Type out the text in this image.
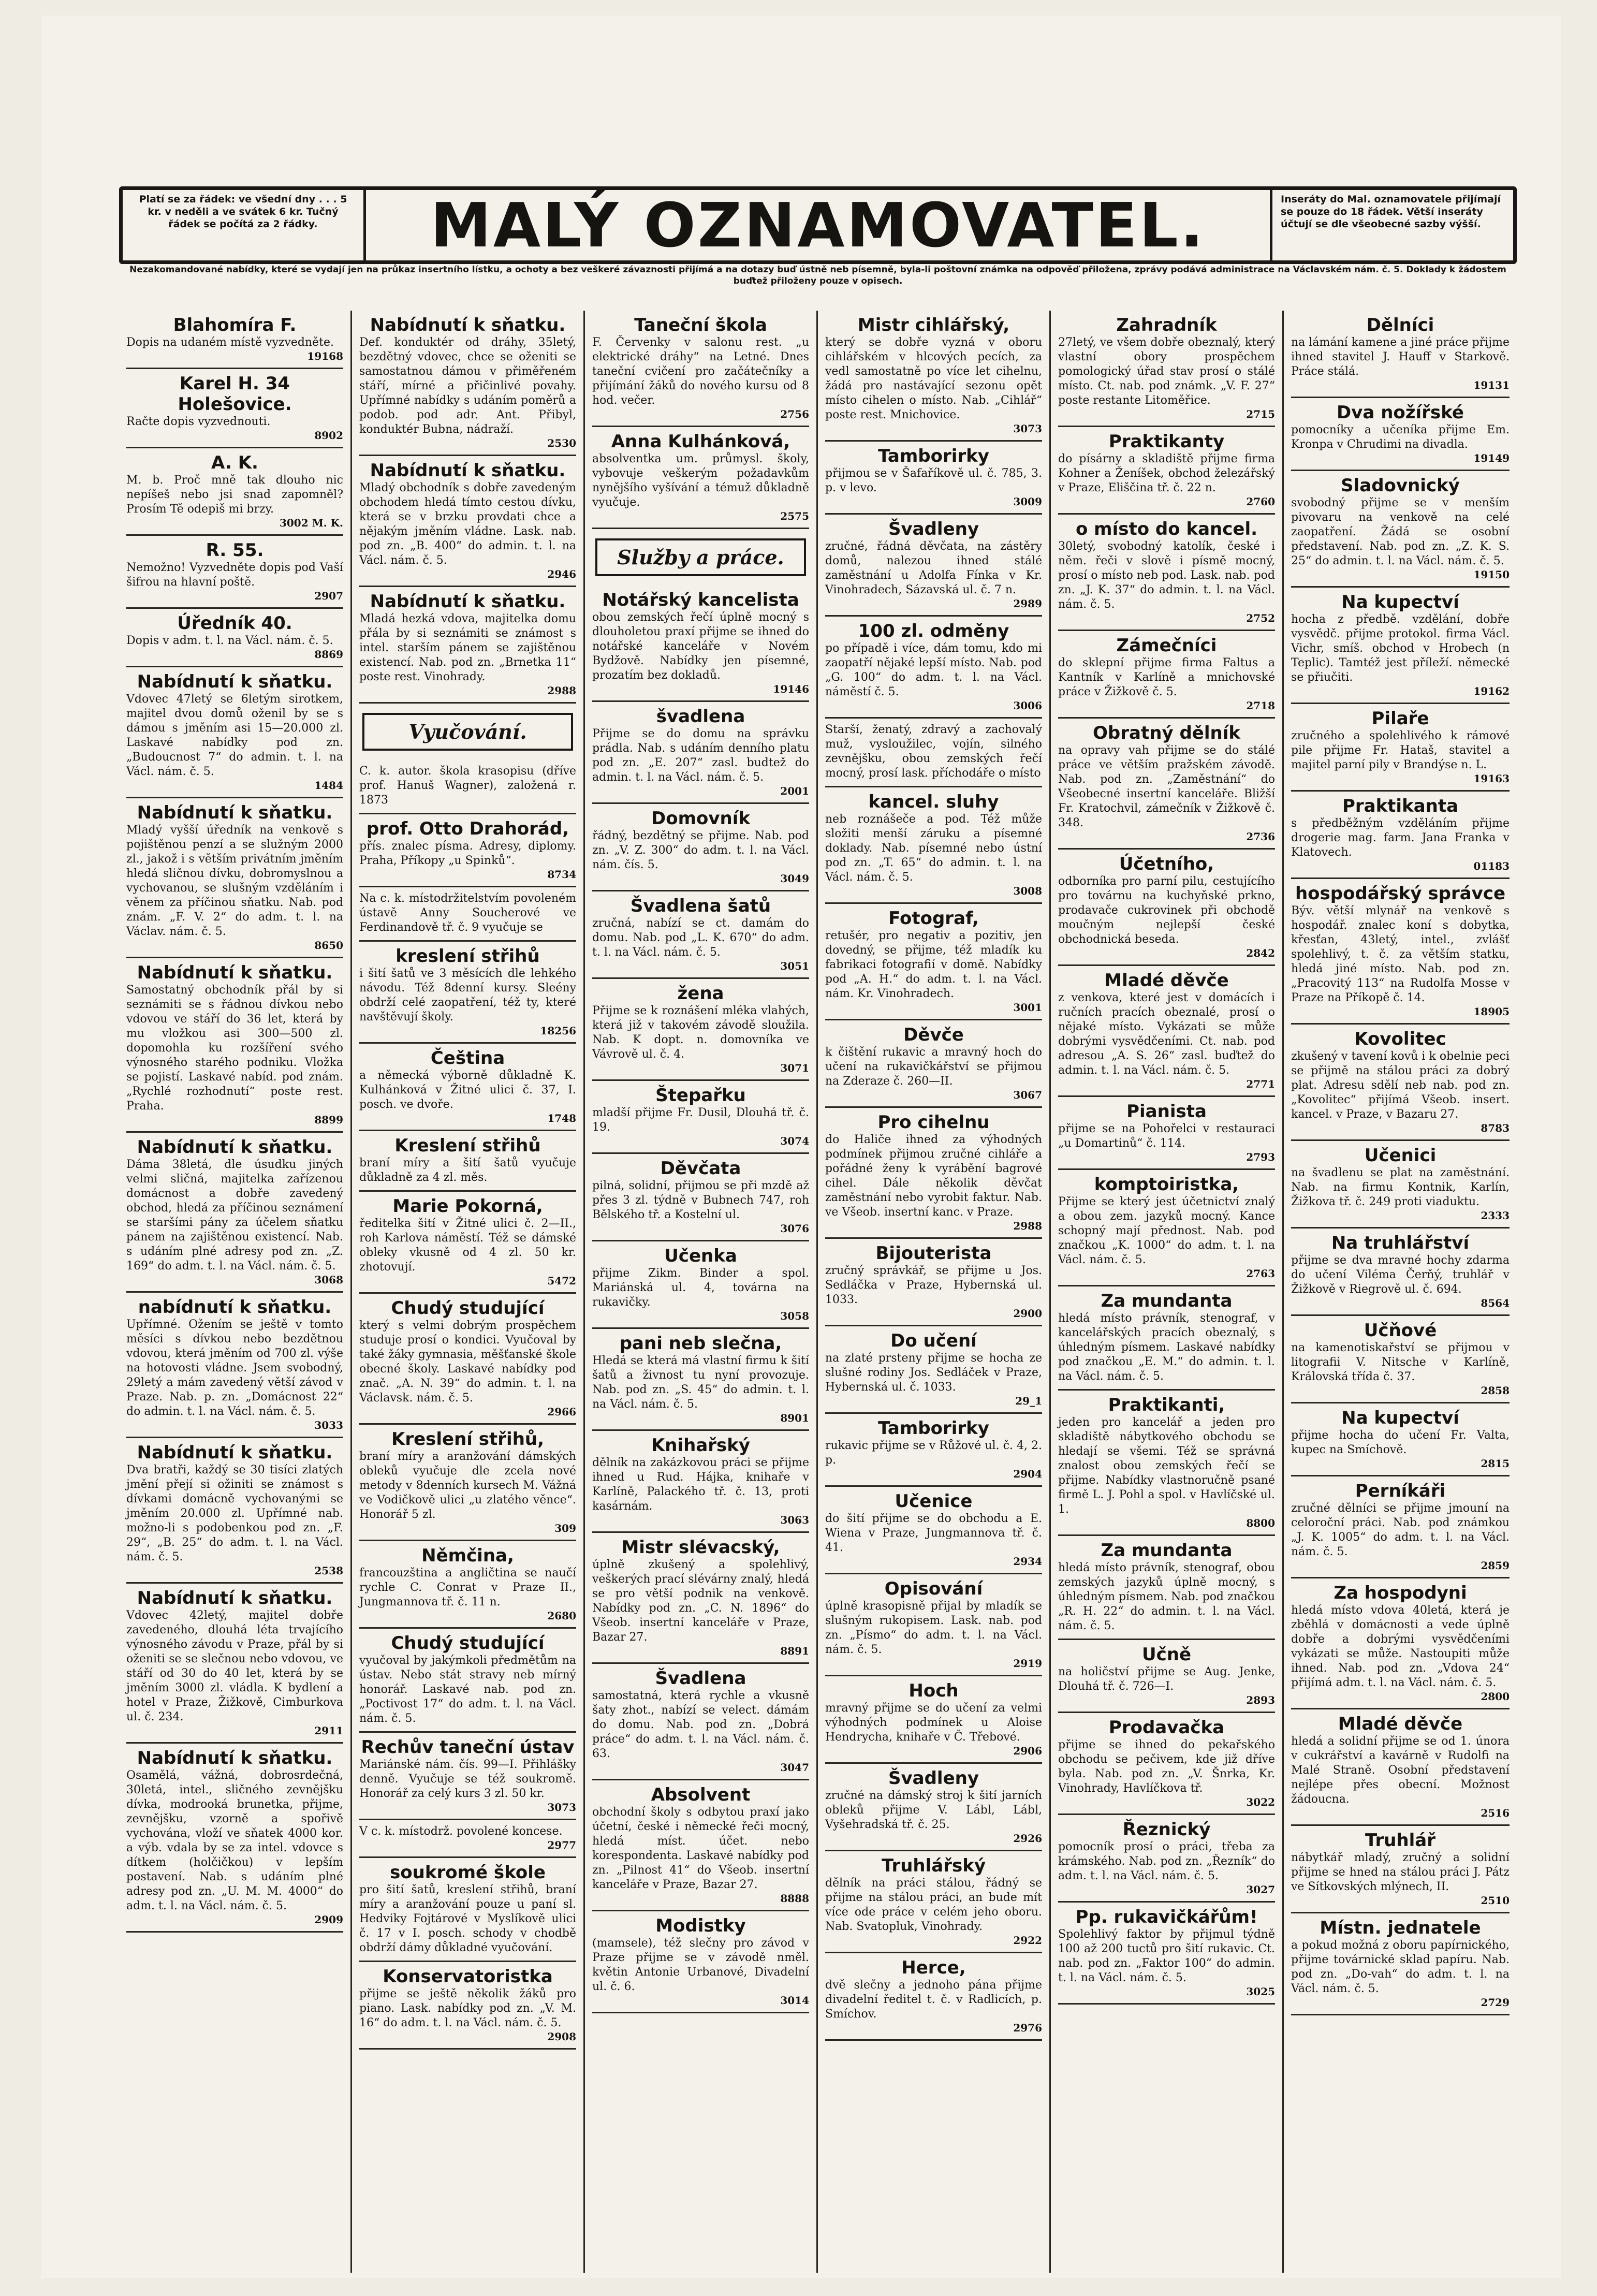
Platí se za řádek: ve všední dny . . . 5 kr. v neděli a ve svátek 6 kr. Tučný řádek se počítá za 2 řádky.	MALÝ OZNAMOVATEL.	Inseráty do Mal. oznamovatele přijímají se pouze do 18 řádek. Větší inseráty účtují se dle všeobecné sazby výšší.
Nezakomandované nabídky, které se vydají jen na průkaz insertního lístku, a ochoty a bez veškeré závaznosti přijímá a na dotazy buď ústně neb písemně, byla-li poštovní známka na odpověď přiložena, zprávy podává administrace na Václavském nám. č. 5. Doklady k žádostem buďtež přiloženy pouze v opisech.
Blahomíra F.
Dopis na udaném místě vyzvedněte.
19168
Karel H. 34 Holešovice.
Račte dopis vyzvednouti.
8902
A. K.
M. b. Proč mně tak dlouho nic nepíšeš nebo jsi snad zapomněl? Prosím Tě odepiš mi brzy.
3002 M. K.
R. 55.
Nemožno! Vyzvedněte dopis pod Vaší šifrou na hlavní poště.
2907
Úředník 40.
Dopis v adm. t. l. na Václ. nám. č. 5.
8869
Nabídnutí k sňatku.
Vdovec 47letý se 6letým sirotkem, majitel dvou domů oženil by se s dámou s jměním asi 15—20.000 zl. Laskavé nabídky pod zn. „Budoucnost 7“ do admin. t. l. na Václ. nám. č. 5.
1484
Nabídnutí k sňatku.
Mladý vyšší úředník na venkově s pojištěnou penzí a se služným 2000 zl., jakož i s větším privátním jměním hledá sličnou dívku, dobromyslnou a vychovanou, se slušným vzděláním i věnem za příčinou sňatku. Nab. pod znám. „F. V. 2“ do adm. t. l. na Václav. nám. č. 5.
8650
Nabídnutí k sňatku.
Samostatný obchodník přál by si seznámiti se s řádnou dívkou nebo vdovou ve stáří do 36 let, která by mu vložkou asi 300—500 zl. dopomohla ku rozšíření svého výnosného starého podniku. Vložka se pojistí. Laskavé nabíd. pod znám. „Rychlé rozhodnutí“ poste rest. Praha.
8899
Nabídnutí k sňatku.
Dáma 38letá, dle úsudku jiných velmi sličná, majitelka zařízenou domácnost a dobře zavedený obchod, hledá za příčinou seznámení se staršími pány za účelem sňatku pánem na zajištěnou existencí. Nab. s udáním plné adresy pod zn. „Z. 169“ do adm. t. l. na Václ. nám. č. 5.
3068
nabídnutí k sňatku.
Upřímné. Ožením se ještě v tomto měsíci s dívkou nebo bezdětnou vdovou, která jměním od 700 zl. výše na hotovosti vládne. Jsem svobodný, 29letý a mám zavedený větší závod v Praze. Nab. p. zn. „Domácnost 22“ do admin. t. l. na Václ. nám. č. 5.
3033
Nabídnutí k sňatku.
Dva bratři, každý se 30 tisíci zlatých jmění přejí si ožiniti se známost s dívkami domácně vychovanými se jměním 20.000 zl. Upřímné nab. možno-li s podobenkou pod zn. „F. 29“, „B. 25“ do adm. t. l. na Václ. nám. č. 5.
2538
Nabídnutí k sňatku.
Vdovec 42letý, majitel dobře zavedeného, dlouhá léta trvajícího výnosného závodu v Praze, přál by si oženiti se se slečnou nebo vdovou, ve stáří od 30 do 40 let, která by se jměním 3000 zl. vládla. K bydlení a hotel v Praze, Žižkově, Cimburkova ul. č. 234.
2911
Nabídnutí k sňatku.
Osamělá, vážná, dobrosrdečná, 30letá, intel., sličného zevnějšku dívka, modrooká brunetka, přijme, zevnějšku, vzorně a spořivě vychována, vloží ve sňatek 4000 kor. a výb. vdala by se za intel. vdovce s dítkem (holčičkou) v lepším postavení. Nab. s udáním plné adresy pod zn. „U. M. M. 4000“ do adm. t. l. na Václ. nám. č. 5.
2909
Nabídnutí k sňatku.
Def. konduktér od dráhy, 35letý, bezdětný vdovec, chce se oženiti se samostatnou dámou v přiměřeném stáří, mírné a přičinlivé povahy. Upřímné nabídky s udáním poměrů a podob. pod adr. Ant. Přibyl, konduktér Bubna, nádraží.
2530
Nabídnutí k sňatku.
Mladý obchodník s dobře zavedeným obchodem hledá tímto cestou dívku, která se v brzku provdati chce a nějakým jměním vládne. Lask. nab. pod zn. „B. 400“ do admin. t. l. na Václ. nám. č. 5.
2946
Nabídnutí k sňatku.
Mladá hezká vdova, majitelka domu přála by si seznámiti se známost s intel. starším pánem se zajištěnou existencí. Nab. pod zn. „Brnetka 11“ poste rest. Vinohrady.
2988
Vyučování.
C. k. autor. škola krasopisu (dříve prof. Hanuš Wagner), založená r. 1873
prof. Otto Drahorád,
přís. znalec písma. Adresy, diplomy. Praha, Příkopy „u Spinků“.
8734
Na c. k. místodržitelstvím povoleném ústavě Anny Soucherové ve Ferdinandově tř. č. 9 vyučuje se
kreslení střihů
i šití šatů ve 3 měsících dle lehkého návodu. Též 8denní kursy. Sleény obdrží celé zaopatření, též ty, které navštěvují školy.
18256
Čeština
a německá výborně důkladně K. Kulhánková v Žitné ulici č. 37, I. posch. ve dvoře.
1748
Kreslení střihů
braní míry a šití šatů vyučuje důkladně za 4 zl. měs.
Marie Pokorná,
ředitelka šití v Žitné ulici č. 2—II., roh Karlova náměstí. Též se dámské obleky vkusně od 4 zl. 50 kr. zhotovují.
5472
Chudý studující
který s velmi dobrým prospěchem studuje prosí o kondici. Vyučoval by také žáky gymnasia, měšťanské škole obecné školy. Laskavé nabídky pod znač. „A. N. 39“ do admin. t. l. na Václavsk. nám. č. 5.
2966
Kreslení střihů,
braní míry a aranžování dámských obleků vyučuje dle zcela nové metody v 8denních kursech M. Vážná ve Vodičkově ulici „u zlatého věnce“. Honorář 5 zl.
309
Němčina,
francouzština a angličtina se naučí rychle C. Conrat v Praze II., Jungmannova tř. č. 11 n.
2680
Chudý studující
vyučoval by jakýmkoli předmětům na ústav. Nebo stát stravy neb mírný honorář. Laskavé nab. pod zn. „Poctivost 17“ do adm. t. l. na Václ. nám. č. 5.
Rechův taneční ústav
Mariánské nám. čís. 99—I. Přihlášky denně. Vyučuje se též soukromě. Honorář za celý kurs 3 zl. 50 kr.
3073
V c. k. místodrž. povolené koncese.
2977
soukromé škole
pro šití šatů, kreslení střihů, braní míry a aranžování pouze u paní sl. Hedviky Fojtárové v Myslíkově ulici č. 17 v I. posch. schody v chodbě obdrží dámy důkladné vyučování.
Konservatoristka
přijme se ještě několik žáků pro piano. Lask. nabídky pod zn. „V. M. 16“ do adm. t. l. na Václ. nám. č. 5.
2908
Taneční škola
F. Červenky v salonu rest. „u elektrické dráhy“ na Letné. Dnes taneční cvičení pro začátečníky a přijímání žáků do nového kursu od 8 hod. večer.
2756
Anna Kulhánková,
absolventka um. průmysl. školy, vybovuje veškerým požadavkům nynějšího vyšívání a témuž důkladně vyučuje.
2575
Služby a práce.
Notářský kancelista
obou zemských řečí úplně mocný s dlouholetou praxí přijme se ihned do notářské kanceláře v Novém Bydžově. Nabídky jen písemné, prozatím bez dokladů.
19146
švadlena
Přijme se do domu na správku prádla. Nab. s udáním denního platu pod zn. „E. 207“ zasl. budtež do admin. t. l. na Václ. nám. č. 5.
2001
Domovník
řádný, bezdětný se přijme. Nab. pod zn. „V. Z. 300“ do adm. t. l. na Václ. nám. čís. 5.
3049
Švadlena šatů
zručná, nabízí se ct. damám do domu. Nab. pod „L. K. 670“ do adm. t. l. na Václ. nám. č. 5.
3051
žena
Přijme se k roznášení mléka vlahých, která již v takovém závodě sloužila. Nab. K dopt. n. domovníka ve Vávrově ul. č. 4.
3071
Štepařku
mladší přijme Fr. Dusil, Dlouhá tř. č. 19.
3074
Děvčata
pilná, solidní, přijmou se při mzdě až přes 3 zl. týdně v Bubnech 747, roh Bělského tř. a Kostelní ul.
3076
Učenka
přijme Zikm. Binder a spol. Mariánská ul. 4, továrna na rukavičky.
3058
pani neb slečna,
Hledá se která má vlastní firmu k šití šatů a živnost tu nyní provozuje. Nab. pod zn. „S. 45“ do admin. t. l. na Václ. nám. č. 5.
8901
Knihařský
dělník na zakázkovou práci se přijme ihned u Rud. Hájka, knihaře v Karlíně, Palackého tř. č. 13, proti kasárnám.
3063
Mistr slévacský,
úplně zkušený a spolehlivý, veškerých prací slévárny znalý, hledá se pro větší podnik na venkově. Nabídky pod zn. „C. N. 1896“ do Všeob. insertní kanceláře v Praze, Bazar 27.
8891
Švadlena
samostatná, která rychle a vkusně šaty zhot., nabízí se velect. dámám do domu. Nab. pod zn. „Dobrá práce“ do adm. t. l. na Václ. nám. č. 63.
3047
Absolvent
obchodní školy s odbytou praxí jako účetní, české i německé řeči mocný, hledá míst. účet. nebo korespondenta. Laskavé nabídky pod zn. „Pilnost 41“ do Všeob. insertní kanceláře v Praze, Bazar 27.
8888
Modistky
(mamsele), též slečny pro závod v Praze přijme se v závodě nměl. květin Antonie Urbanové, Divadelní ul. č. 6.
3014
Mistr cihlářský,
který se dobře vyzná v oboru cihlářském v hlcových pecích, za vedl samostatně po více let cihelnu, žádá pro nastávající sezonu opět místo cihelen o místo. Nab. „Cihlář“ poste rest. Mnichovice.
3073
Tamborirky
přijmou se v Šafaříkově ul. č. 785, 3. p. v levo.
3009
Švadleny
zručné, řádná děvčata, na zástěry domů, nalezou ihned stálé zaměstnání u Adolfa Fínka v Kr. Vinohradech, Sázavská ul. č. 7 n.
2989
100 zl. odměny
po případě i více, dám tomu, kdo mi zaopatří nějaké lepší místo. Nab. pod „G. 100“ do adm. t. l. na Václ. náměstí č. 5.
3006
Starší, ženatý, zdravý a zachovalý muž, vysloužilec, vojín, silného zevnějšku, obou zemských řečí mocný, prosí lask. příchodáře o místo
kancel. sluhy
neb roznášeče a pod. Též může složiti menší záruku a písemné doklady. Nab. písemné nebo ústní pod zn. „T. 65“ do admin. t. l. na Václ. nám. č. 5.
3008
Fotograf,
retušér, pro negativ a pozitiv, jen dovedný, se přijme, též mladík ku fabrikaci fotografií v domě. Nabídky pod „A. H.“ do adm. t. l. na Václ. nám. Kr. Vinohradech.
3001
Děvče
k čištění rukavic a mravný hoch do učení na rukavičkářství se přijmou na Zderaze č. 260—II.
3067
Pro cihelnu
do Haliče ihned za výhodných podmínek přijmou zručné cihláře a pořádné ženy k vyrábění bagrové cihel. Dále několik děvčat zaměstnání nebo vyrobit faktur. Nab. ve Všeob. insertní kanc. v Praze.
2988
Bijouterista
zručný správkář, se přijme u Jos. Sedláčka v Praze, Hybernská ul. 1033.
2900
Do učení
na zlaté prsteny přijme se hocha ze slušné rodiny Jos. Sedláček v Praze, Hybernská ul. č. 1033.
29_1
Tamborirky
rukavic přijme se v Růžové ul. č. 4, 2. p.
2904
Učenice
do šití přijme se do obchodu a E. Wiena v Praze, Jungmannova tř. č. 41.
2934
Opisování
úplně krasopisně přijal by mladík se slušným rukopisem. Lask. nab. pod zn. „Písmo“ do adm. t. l. na Václ. nám. č. 5.
2919
Hoch
mravný přijme se do učení za velmi výhodných podmínek u Aloise Hendrycha, knihaře v Č. Třebové.
2906
Švadleny
zručné na dámský stroj k šití jarních obleků přijme V. Lábl, Lábl, Vyšehradská tř. č. 25.
2926
Truhlářský
dělník na práci stálou, řádný se přijme na stálou práci, an bude mít více ode práce v celém jeho oboru. Nab. Svatopluk, Vinohrady.
2922
Herce,
dvě slečny a jednoho pána přijme divadelní ředitel t. č. v Radlicích, p. Smíchov.
2976
Zahradník
27letý, ve všem dobře obeznalý, který vlastní obory prospěchem pomologický úřad stav prosí o stálé místo. Ct. nab. pod známk. „V. F. 27“ poste restante Litoměřice.
2715
Praktikanty
do písárny a skladiště přijme firma Kohner a Ženíšek, obchod železářský v Praze, Eliščina tř. č. 22 n.
2760
o místo do kancel.
30letý, svobodný katolík, české i něm. řeči v slově i písmě mocný, prosí o místo neb pod. Lask. nab. pod zn. „J. K. 37“ do admin. t. l. na Václ. nám. č. 5.
2752
Zámečníci
do sklepní přijme firma Faltus a Kantník v Karlíně a mnichovské práce v Žižkově č. 5.
2718
Obratný dělník
na opravy vah přijme se do stálé práce ve větším pražském závodě. Nab. pod zn. „Zaměstnání“ do Všeobecné insertní kanceláře. Bližší Fr. Kratochvil, zámečník v Žižkově č. 348.
2736
Účetního,
odborníka pro parní pilu, cestujícího pro továrnu na kuchyňské prkno, prodavače cukrovinek při obchodě moučným nejlepší české obchodnická beseda.
2842
Mladé děvče
z venkova, které jest v domácích i ručních pracích obeznalé, prosí o nějaké místo. Vykázati se může dobrými vysvědčeními. Ct. nab. pod adresou „A. S. 26“ zasl. buďtež do admin. t. l. na Václ. nám. č. 5.
2771
Pianista
přijme se na Pohořelci v restauraci „u Domartinů“ č. 114.
2793
komptoiristka,
Přijme se který jest účetnictví znalý a obou zem. jazyků mocný. Kance schopný mají přednost. Nab. pod značkou „K. 1000“ do adm. t. l. na Václ. nám. č. 5.
2763
Za mundanta
hledá místo právník, stenograf, v kancelářských pracích obeznalý, s úhledným písmem. Laskavé nabídky pod značkou „E. M.“ do admin. t. l. na Václ. nám. č. 5.
Praktikanti,
jeden pro kancelář a jeden pro skladiště nábytkového obchodu se hledají se všemi. Též se správná znalost obou zemských řečí se přijme. Nabídky vlastnoručně psané firmě L. J. Pohl a spol. v Havlíčské ul. 1.
8800
Za mundanta
hledá místo právník, stenograf, obou zemských jazyků úplně mocný, s úhledným písmem. Nab. pod značkou „R. H. 22“ do admin. t. l. na Václ. nám. č. 5.
Učně
na holičství přijme se Aug. Jenke, Dlouhá tř. č. 726—I.
2893
Prodavačka
přijme se ihned do pekařského obchodu se pečivem, kde již dříve byla. Nab. pod zn. „V. Šnrka, Kr. Vinohrady, Havlíčkova tř.
3022
Řeznický
pomocník prosí o práci, třeba za krámského. Nab. pod zn. „Řezník“ do adm. t. l. na Václ. nám. č. 5.
3027
Pp. rukavičkářům!
Spolehlivý faktor by přijmul týdně 100 až 200 tuctů pro šití rukavic. Ct. nab. pod zn. „Faktor 100“ do admin. t. l. na Václ. nám. č. 5.
3025
Dělníci
na lámání kamene a jiné práce přijme ihned stavitel J. Hauff v Starkově. Práce stálá.
19131
Dva nožířské
pomocníky a učeníka přijme Em. Kronpa v Chrudimi na divadla.
19149
Sladovnický
svobodný přijme se v menším pivovaru na venkově na celé zaopatření. Žádá se osobní představení. Nab. pod zn. „Z. K. S. 25“ do admin. t. l. na Václ. nám. č. 5.
19150
Na kupectví
hocha z předbě. vzdělání, dobře vysvědč. přijme protokol. firma Václ. Vichr, smíš. obchod v Hrobech (n Teplic). Tamtéž jest příleží. německé se přiučiti.
19162
Pilaře
zručného a spolehlivého k rámové pile přijme Fr. Hataš, stavitel a majitel parní pily v Brandýse n. L.
19163
Praktikanta
s předběžným vzděláním přijme drogerie mag. farm. Jana Franka v Klatovech.
01183
hospodářský správce
Býv. větší mlynář na venkově s hospodář. znalec koní s dobytka, křesťan, 43letý, intel., zvlášť spolehlivý, t. č. za větším statku, hledá jiné místo. Nab. pod zn. „Pracovitý 113“ na Rudolfa Mosse v Praze na Příkopě č. 14.
18905
Kovolitec
zkušený v tavení kovů i k obelnie peci se přijmě na stálou práci za dobrý plat. Adresu sdělí neb nab. pod zn. „Kovolitec“ přijímá Všeob. insert. kancel. v Praze, v Bazaru 27.
8783
Učenici
na švadlenu se plat na zaměstnání. Nab. na firmu Kontnik, Karlín, Žižkova tř. č. 249 proti viaduktu.
2333
Na truhlářství
přijme se dva mravné hochy zdarma do učení Viléma Čerňý, truhlář v Žižkově v Riegrově ul. č. 694.
8564
Učňové
na kamenotiskařství se přijmou v litografii V. Nitsche v Karlíně, Královská třída č. 37.
2858
Na kupectví
přijme hocha do učení Fr. Valta, kupec na Smíchově.
2815
Perníkáři
zručné dělníci se přijme jmouní na celoroční práci. Nab. pod známkou „J. K. 1005“ do adm. t. l. na Václ. nám. č. 5.
2859
Za hospodyni
hledá místo vdova 40letá, která je zběhlá v domácnosti a vede úplně dobře a dobrými vysvědčeními vykázati se může. Nastoupiti může ihned. Nab. pod zn. „Vdova 24“ přijímá adm. t. l. na Václ. nám. č. 5.
2800
Mladé děvče
hledá a solidní přijme se od 1. února v cukrářství a kavárně v Rudolfi na Malé Straně. Osobní představení nejlépe přes obecní. Možnost žádoucna.
2516
Truhlář
nábytkář mladý, zručný a solidní přijme se hned na stálou práci J. Pátz ve Sítkovských mlýnech, II.
2510
Místn. jednatele
a pokud možná z oboru papírnického, přijme továrnické sklad papíru. Nab. pod zn. „Do-vah“ do adm. t. l. na Václ. nám. č. 5.
2729
